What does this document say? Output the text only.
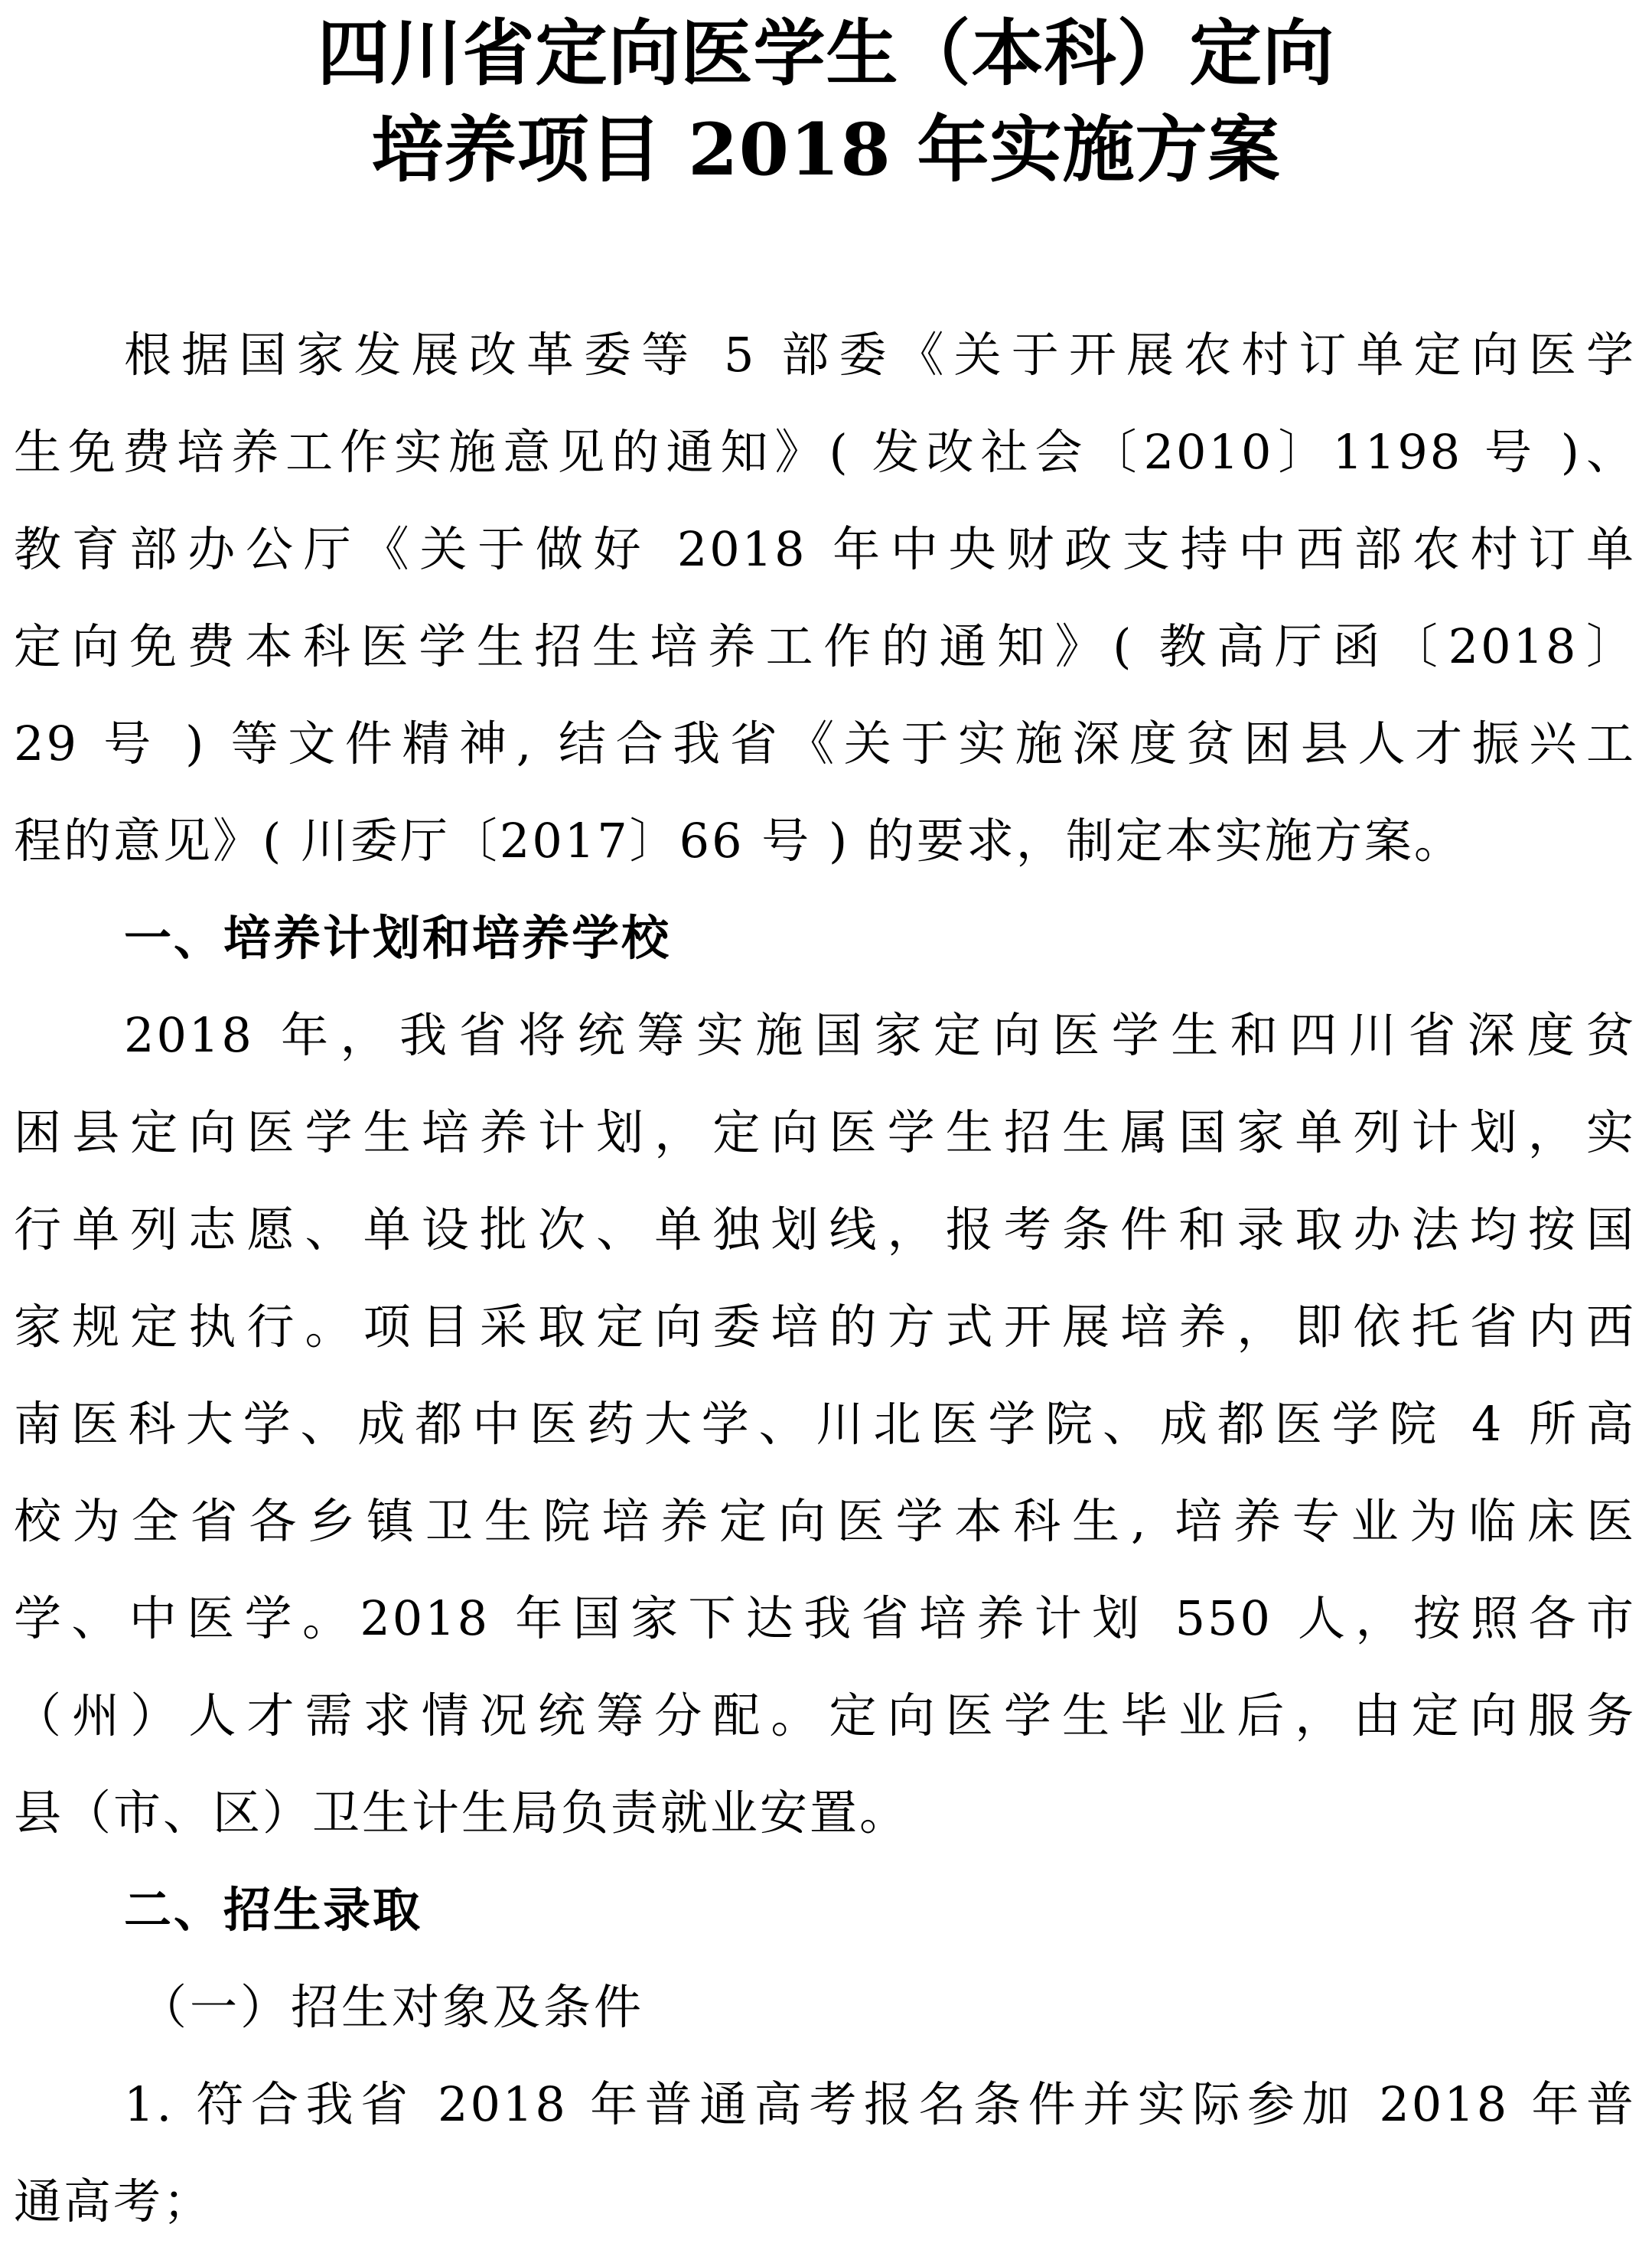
四川省定向医学生（本科）定向
培养项目 2018 年实施方案
根据国家发展改革委等 5 部委《关于开展农村订单定向医学
生免费培养工作实施意见的通知》( 发改社会〔2010〕1198 号 )、
教育部办公厅《关于做好 2018 年中央财政支持中西部农村订单
定向免费本科医学生招生培养工作的通知》( 教高厅函〔2018〕
29 号 ) 等文件精神, 结合我省《关于实施深度贫困县人才振兴工
程的意见》( 川委厅〔2017〕66 号 ) 的要求，制定本实施方案。
一、培养计划和培养学校
2018 年，我省将统筹实施国家定向医学生和四川省深度贫
困县定向医学生培养计划，定向医学生招生属国家单列计划，实
行单列志愿、单设批次、单独划线，报考条件和录取办法均按国
家规定执行。项目采取定向委培的方式开展培养，即依托省内西
南医科大学、成都中医药大学、川北医学院、成都医学院 4 所高
校为全省各乡镇卫生院培养定向医学本科生, 培养专业为临床医
学、中医学。2018 年国家下达我省培养计划 550 人，按照各市
（州）人才需求情况统筹分配。定向医学生毕业后，由定向服务
县（市、区）卫生计生局负责就业安置。
二、招生录取
（一）招生对象及条件
1. 符合我省 2018 年普通高考报名条件并实际参加 2018 年普
通高考；
